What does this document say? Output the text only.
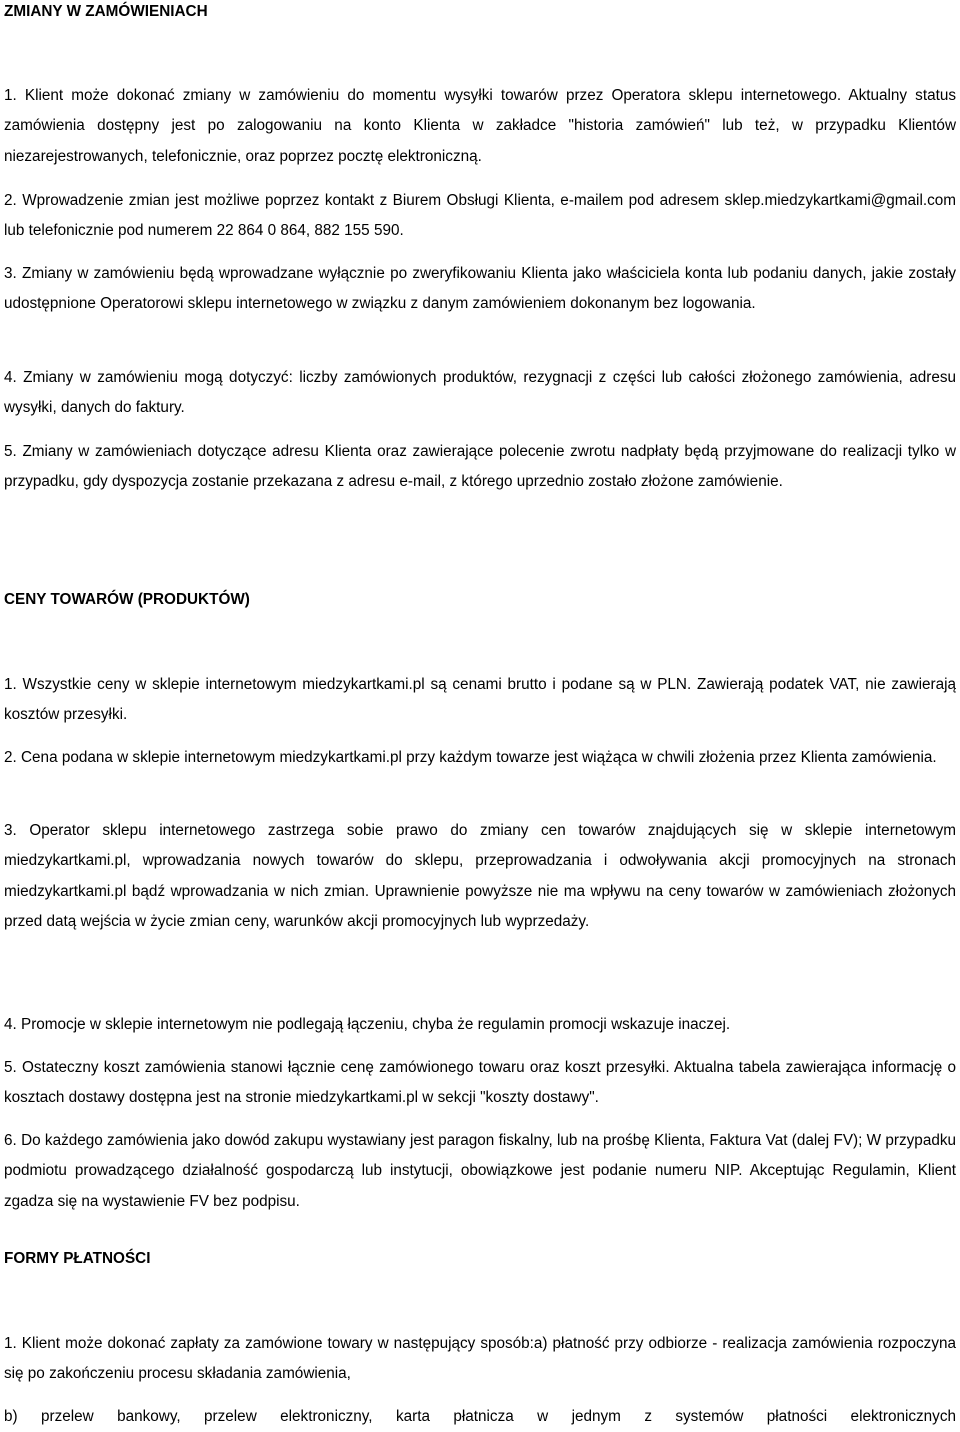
ZMIANY W ZAMÓWIENIACH

1. Klient może dokonać zmiany w zamówieniu do momentu wysyłki towarów przez Operatora sklepu internetowego. Aktualny status zamówienia dostępny jest po zalogowaniu na konto Klienta w zakładce "historia zamówień" lub też, w przypadku Klientów niezarejestrowanych, telefonicznie, oraz poprzez pocztę elektroniczną.

2. Wprowadzenie zmian jest możliwe poprzez kontakt z Biurem Obsługi Klienta, e-mailem pod adresem sklep.miedzykartkami@gmail.com lub telefonicznie pod numerem 22 864 0 864, 882 155 590.

3. Zmiany w zamówieniu będą wprowadzane wyłącznie po zweryfikowaniu Klienta jako właściciela konta lub podaniu danych, jakie zostały udostępnione Operatorowi sklepu internetowego w związku z danym zamówieniem dokonanym bez logowania.

4. Zmiany w zamówieniu mogą dotyczyć: liczby zamówionych produktów, rezygnacji z części lub całości złożonego zamówienia, adresu wysyłki, danych do faktury.

5. Zmiany w zamówieniach dotyczące adresu Klienta oraz zawierające polecenie zwrotu nadpłaty będą przyjmowane do realizacji tylko w przypadku, gdy dyspozycja zostanie przekazana z adresu e-mail, z którego uprzednio zostało złożone zamówienie.

CENY TOWARÓW (PRODUKTÓW)

1. Wszystkie ceny w sklepie internetowym miedzykartkami.pl są cenami brutto i podane są w PLN. Zawierają podatek VAT, nie zawierają kosztów przesyłki.

2. Cena podana w sklepie internetowym miedzykartkami.pl przy każdym towarze jest wiążąca w chwili złożenia przez Klienta zamówienia.

3. Operator sklepu internetowego zastrzega sobie prawo do zmiany cen towarów znajdujących się w sklepie internetowym miedzykartkami.pl, wprowadzania nowych towarów do sklepu, przeprowadzania i odwoływania akcji promocyjnych na stronach miedzykartkami.pl bądź wprowadzania w nich zmian. Uprawnienie powyższe nie ma wpływu na ceny towarów w zamówieniach złożonych przed datą wejścia w życie zmian ceny, warunków akcji promocyjnych lub wyprzedaży.

4. Promocje w sklepie internetowym nie podlegają łączeniu, chyba że regulamin promocji wskazuje inaczej.

5. Ostateczny koszt zamówienia stanowi łącznie cenę zamówionego towaru oraz koszt przesyłki. Aktualna tabela zawierająca informację o kosztach dostawy dostępna jest na stronie miedzykartkami.pl w sekcji "koszty dostawy".

6. Do każdego zamówienia jako dowód zakupu wystawiany jest paragon fiskalny, lub na prośbę Klienta, Faktura Vat (dalej FV); W przypadku podmiotu prowadzącego działalność gospodarczą lub instytucji, obowiązkowe jest podanie numeru NIP. Akceptując Regulamin, Klient zgadza się na wystawienie FV bez podpisu.

FORMY PŁATNOŚCI

1. Klient może dokonać zapłaty za zamówione towary w następujący sposób:a) płatność przy odbiorze - realizacja zamówienia rozpoczyna się po zakończeniu procesu składania zamówienia,

b) przelew bankowy, przelew elektroniczny, karta płatnicza w jednym z systemów płatności elektronicznych
